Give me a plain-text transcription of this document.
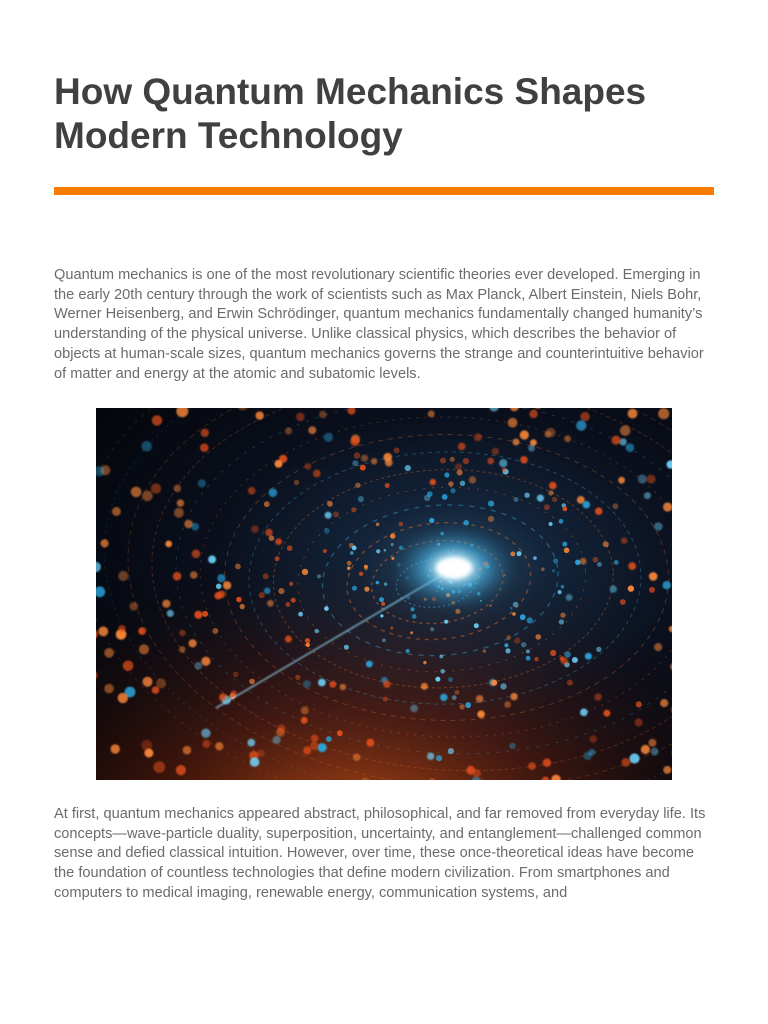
How Quantum Mechanics Shapes Modern Technology

Quantum mechanics is one of the most revolutionary scientific theories ever developed. Emerging in the early 20th century through the work of scientists such as Max Planck, Albert Einstein, Niels Bohr, Werner Heisenberg, and Erwin Schrödinger, quantum mechanics fundamentally changed humanity’s understanding of the physical universe. Unlike classical physics, which describes the behavior of objects at human-scale sizes, quantum mechanics governs the strange and counterintuitive behavior of matter and energy at the atomic and subatomic levels.

At first, quantum mechanics appeared abstract, philosophical, and far removed from everyday life. Its concepts—wave-particle duality, superposition, uncertainty, and entanglement—challenged common sense and defied classical intuition. However, over time, these once-theoretical ideas have become the foundation of countless technologies that define modern civilization. From smartphones and computers to medical imaging, renewable energy, communication systems, and
